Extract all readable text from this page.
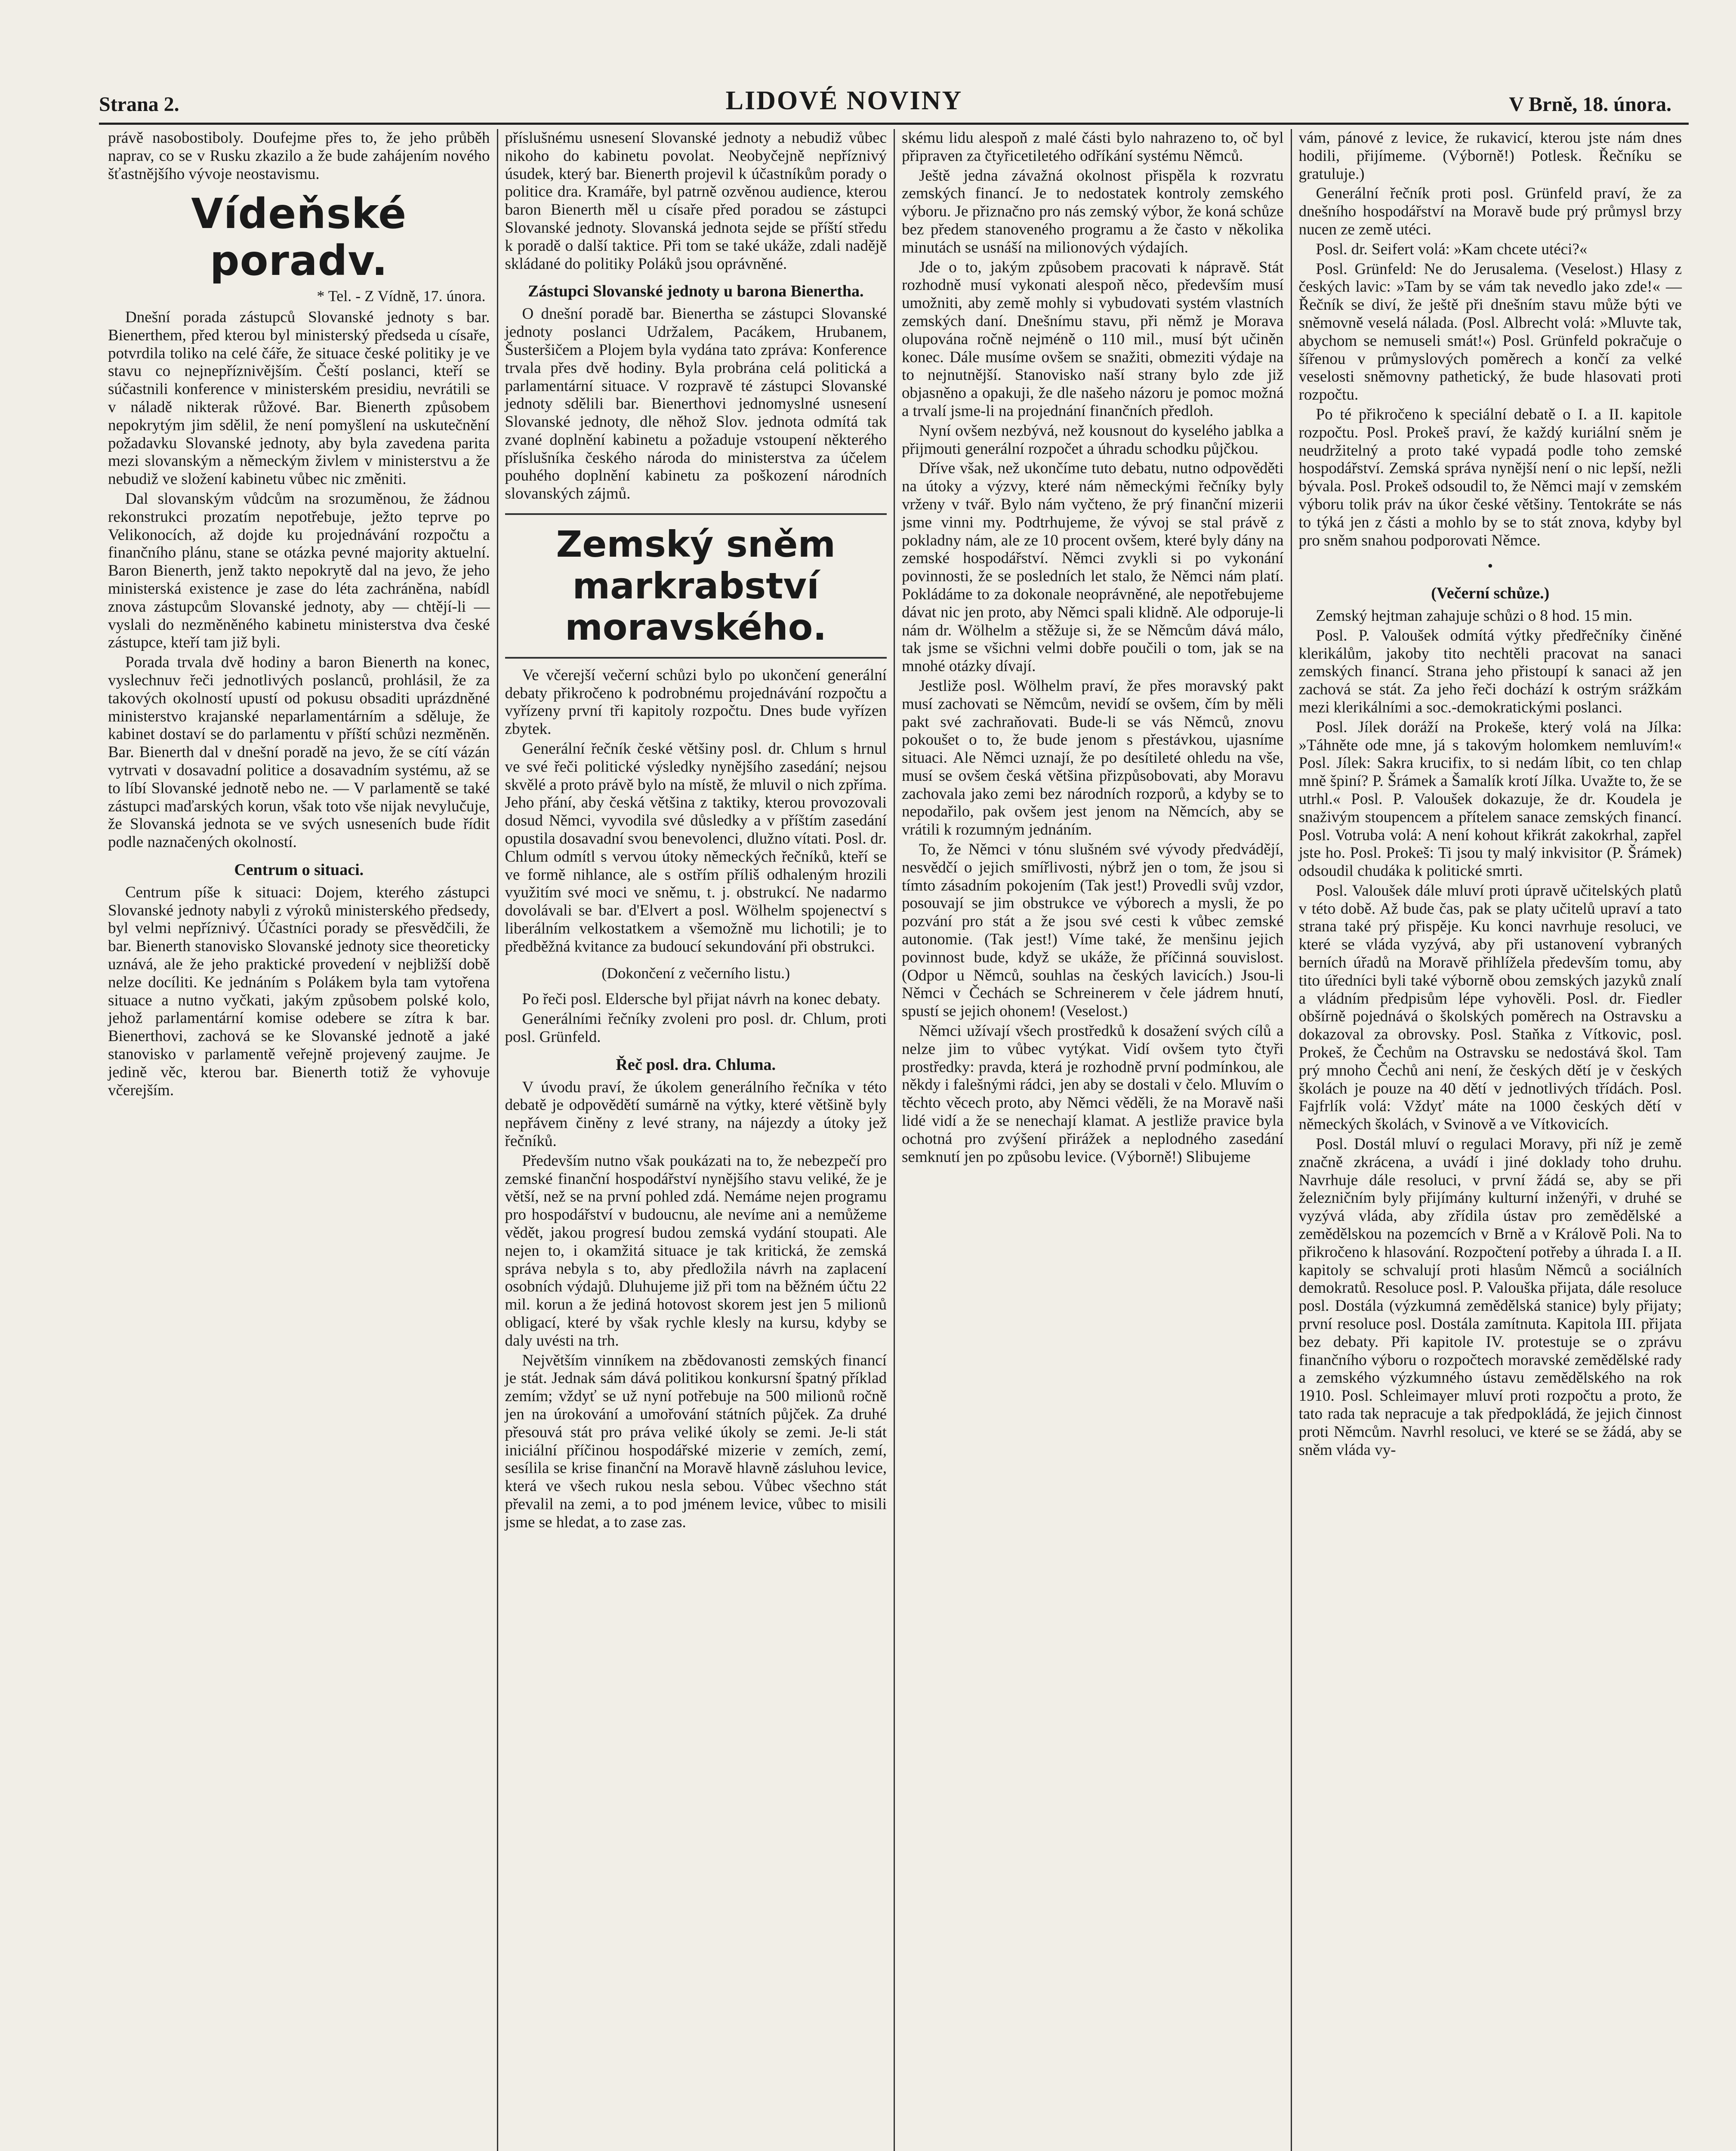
Strana 2.	LIDOVÉ NOVINY	V Brně, 18. února.

právě nasobostiboly. Doufejme přes to, že jeho průběh naprav, co se v Rusku zkazilo a že bude zahájením nového šťastnějšího vývoje neostavismu.

Vídeňské poradv.
* Tel. - Z Vídně, 17. února.

Dnešní porada zástupců Slovanské jednoty s bar. Bienerthem, před kterou byl ministerský předseda u císaře, potvrdila toliko na celé čáře, že situace české politiky je ve stavu co nejnepříznivějším. Čeští poslanci, kteří se súčastnili konference v ministerském presidiu, nevrátili se v náladě nikterak růžové. Bar. Bienerth způsobem nepokrytým jim sdělil, že není pomyšlení na uskutečnění požadavku Slovanské jednoty, aby byla zavedena parita mezi slovanským a německým živlem v ministerstvu a že nebudiž ve složení kabinetu vůbec nic změniti.

Dal slovanským vůdcům na srozuměnou, že žádnou rekonstrukci prozatím nepotřebuje, ježto teprve po Velikonocích, až dojde ku projednávání rozpočtu a finančního plánu, stane se otázka pevné majority aktuelní. Baron Bienerth, jenž takto nepokrytě dal na jevo, že jeho ministerská existence je zase do léta zachráněna, nabídl znova zástupcům Slovanské jednoty, aby — chtějí-li — vyslali do nezměněného kabinetu ministerstva dva české zástupce, kteří tam již byli.

Porada trvala dvě hodiny a baron Bienerth na konec, vyslechnuv řeči jednotlivých poslanců, prohlásil, že za takových okolností upustí od pokusu obsaditi uprázdněné ministerstvo krajanské neparlamentárním a sděluje, že kabinet dostaví se do parlamentu v příští schůzi nezměněn. Bar. Bienerth dal v dnešní poradě na jevo, že se cítí vázán vytrvati v dosavadní politice a dosavadním systému, až se to líbí Slovanské jednotě nebo ne. — V parlamentě se také zástupci maďarských korun, však toto vše nijak nevylučuje, že Slovanská jednota se ve svých usneseních bude řídit podle naznačených okolností.

Centrum o situaci.

Centrum píše k situaci: Dojem, kterého zástupci Slovanské jednoty nabyli z výroků ministerského předsedy, byl velmi nepříznivý. Účastníci porady se přesvědčili, že bar. Bienerth stanovisko Slovanské jednoty sice theoreticky uznává, ale že jeho praktické provedení v nejbližší době nelze docíliti. Ke jednáním s Polákem byla tam vytořena situace a nutno vyčkati, jakým způsobem polské kolo, jehož parlamentární komise odebere se zítra k bar. Bienerthovi, zachová se ke Slovanské jednotě a jaké stanovisko v parlamentě veřejně projevený zaujme. Je jedině věc, kterou bar. Bienerth totiž že vyhovuje včerejším.

příslušnému usnesení Slovanské jednoty a nebudiž vůbec nikoho do kabinetu povolat. Neobyčejně nepříznivý úsudek, který bar. Bienerth projevil k účastníkům porady o politice dra. Kramáře, byl patrně ozvěnou audience, kterou baron Bienerth měl u císaře před poradou se zástupci Slovanské jednoty. Slovanská jednota sejde se příští středu k poradě o další taktice. Při tom se také ukáže, zdali nadějě skládané do politiky Poláků jsou oprávněné.

Zástupci Slovanské jednoty u barona Bienertha.

O dnešní poradě bar. Bienertha se zástupci Slovanské jednoty poslanci Udržalem, Pacákem, Hrubanem, Šusteršičem a Plojem byla vydána tato zpráva: Konference trvala přes dvě hodiny. Byla probrána celá politická a parlamentární situace. V rozpravě té zástupci Slovanské jednoty sdělili bar. Bienerthovi jednomyslné usnesení Slovanské jednoty, dle něhož Slov. jednota odmítá tak zvané doplnění kabinetu a požaduje vstoupení některého příslušníka českého národa do ministerstva za účelem pouhého doplnění kabinetu za poškození národních slovanských zájmů.

Zemský sněm markrabství moravského.

Ve včerejší večerní schůzi bylo po ukončení generální debaty přikročeno k podrobnému projednávání rozpočtu a vyřízeny první tři kapitoly rozpočtu. Dnes bude vyřízen zbytek.

Generální řečník české většiny posl. dr. Chlum s hrnul ve své řeči politické výsledky nynějšího zasedání; nejsou skvělé a proto právě bylo na místě, že mluvil o nich zpříma. Jeho přání, aby česká většina z taktiky, kterou provozovali dosud Němci, vyvodila své důsledky a v příštím zasedání opustila dosavadní svou benevolenci, dlužno vítati. Posl. dr. Chlum odmítl s vervou útoky německých řečníků, kteří se ve formě nihlance, ale s ostřím příliš odhaleným hrozili využitím své moci ve sněmu, t. j. obstrukcí. Ne nadarmo dovolávali se bar. d'Elvert a posl. Wölhelm spojenectví s liberálním velkostatkem a všemožně mu lichotili; je to předběžná kvitance za budoucí sekundování při obstrukci.

(Dokončení z večerního listu.)

Po řeči posl. Eldersche byl přijat návrh na konec debaty.

Generálními řečníky zvoleni pro posl. dr. Chlum, proti posl. Grünfeld.

Řeč posl. dra. Chluma.

V úvodu praví, že úkolem generálního řečníka v této debatě je odpovědětí sumárně na výtky, které většině byly nepřávem činěny z levé strany, na nájezdy a útoky jež řečníků.

Především nutno však poukázati na to, že nebezpečí pro zemské finanční hospodářství nynějšího stavu veliké, že je větší, než se na první pohled zdá. Nemáme nejen programu pro hospodářství v budoucnu, ale nevíme ani a nemůžeme vědět, jakou progresí budou zemská vydání stoupati. Ale nejen to, i okamžitá situace je tak kritická, že zemská správa nebyla s to, aby předložila návrh na zaplacení osobních výdajů. Dluhujeme již při tom na běžném účtu 22 mil. korun a že jediná hotovost skorem jest jen 5 milionů obligací, které by však rychle klesly na kursu, kdyby se daly uvésti na trh.

Největším vinníkem na zbědovanosti zemských financí je stát. Jednak sám dává politikou konkursní špatný příklad zemím; vždyť se už nyní potřebuje na 500 milionů ročně jen na úrokování a umořování státních půjček. Za druhé přesouvá stát pro práva veliké úkoly se zemi. Je-li stát iniciální příčinou hospodářské mizerie v zemích, zemí, sesílila se krise finanční na Moravě hlavně zásluhou levice, která ve všech rukou nesla sebou. Vůbec všechno stát převalil na zemi, a to pod jménem levice, vůbec to misili jsme se hledat, a to zase zas.

skému lidu alespoň z malé části bylo nahrazeno to, oč byl připraven za čtyřicetiletého odříkání systému Němců.

Ještě jedna závažná okolnost přispěla k rozvratu zemských financí. Je to nedostatek kontroly zemského výboru. Je přiznačno pro nás zemský výbor, že koná schůze bez předem stanoveného programu a že často v několika minutách se usnáší na milionových výdajích.

Jde o to, jakým způsobem pracovati k nápravě. Stát rozhodně musí vykonati alespoň něco, především musí umožniti, aby země mohly si vybudovati systém vlastních zemských daní. Dnešnímu stavu, při němž je Morava olupována ročně nejméně o 110 mil., musí být učiněn konec. Dále musíme ovšem se snažiti, obmeziti výdaje na to nejnutnější. Stanovisko naší strany bylo zde již objasněno a opakuji, že dle našeho názoru je pomoc možná a trvalí jsme-li na projednání finančních předloh.

Nyní ovšem nezbývá, než kousnout do kyselého jablka a přijmouti generální rozpočet a úhradu schodku půjčkou.

Dříve však, než ukončíme tuto debatu, nutno odpověděti na útoky a výzvy, které nám německými řečníky byly vrženy v tvář. Bylo nám vyčteno, že prý finanční mizerii jsme vinni my. Podtrhujeme, že vývoj se stal právě z pokladny nám, ale ze 10 procent ovšem, které byly dány na zemské hospodářství. Němci zvykli si po vykonání povinnosti, že se posledních let stalo, že Němci nám platí. Pokládáme to za dokonale neoprávněné, ale nepotřebujeme dávat nic jen proto, aby Němci spali klidně. Ale odporuje-li nám dr. Wölhelm a stěžuje si, že se Němcům dává málo, tak jsme se všichni velmi dobře poučili o tom, jak se na mnohé otázky dívají.

Jestliže posl. Wölhelm praví, že přes moravský pakt musí zachovati se Němcům, nevidí se ovšem, čím by měli pakt své zachraňovati. Bude-li se vás Němců, znovu pokoušet o to, že bude jenom s přestávkou, ujasníme situaci. Ale Němci uznají, že po desítileté ohledu na vše, musí se ovšem česká většina přizpůsobovati, aby Moravu zachovala jako zemi bez národních rozporů, a kdyby se to nepodařilo, pak ovšem jest jenom na Němcích, aby se vrátili k rozumným jednáním.

To, že Němci v tónu slušném své vývody předvádějí, nesvědčí o jejich smířlivosti, nýbrž jen o tom, že jsou si tímto zásadním pokojením (Tak jest!) Provedli svůj vzdor, posouvají se jim obstrukce ve výborech a mysli, že po pozvání pro stát a že jsou své cesti k vůbec zemské autonomie. (Tak jest!) Víme také, že menšinu jejich povinnost bude, když se ukáže, že příčinná souvislost. (Odpor u Němců, souhlas na českých lavicích.) Jsou-li Němci v Čechách se Schreinerem v čele jádrem hnutí, spustí se jejich ohonem! (Veselost.)

Němci užívají všech prostředků k dosažení svých cílů a nelze jim to vůbec vytýkat. Vidí ovšem tyto čtyři prostředky: pravda, která je rozhodně první podmínkou, ale někdy i falešnými rádci, jen aby se dostali v čelo. Mluvím o těchto věcech proto, aby Němci věděli, že na Moravě naši lidé vidí a že se nenechají klamat. A jestliže pravice byla ochotná pro zvýšení přirážek a neplodného zasedání semknutí jen po způsobu levice. (Výborně!) Slibujeme

vám, pánové z levice, že rukavicí, kterou jste nám dnes hodili, přijímeme. (Výborně!) Potlesk. Řečníku se gratuluje.)

Generální řečník proti posl. Grünfeld praví, že za dnešního hospodářství na Moravě bude prý průmysl brzy nucen ze země utéci.

Posl. dr. Seifert volá: »Kam chcete utéci?«

Posl. Grünfeld: Ne do Jerusalema. (Veselost.) Hlasy z českých lavic: »Tam by se vám tak nevedlo jako zde!« — Řečník se diví, že ještě při dnešním stavu může býti ve sněmovně veselá nálada. (Posl. Albrecht volá: »Mluvte tak, abychom se nemuseli smát!«) Posl. Grünfeld pokračuje o šířenou v průmyslových poměrech a končí za velké veselosti sněmovny pathetický, že bude hlasovati proti rozpočtu.

Po té přikročeno k speciální debatě o I. a II. kapitole rozpočtu. Posl. Prokeš praví, že každý kuriální sněm je neudržitelný a proto také vypadá podle toho zemské hospodářství. Zemská správa nynější není o nic lepší, nežli bývala. Posl. Prokeš odsoudil to, že Němci mají v zemském výboru tolik práv na úkor české většiny. Tentokráte se nás to týká jen z části a mohlo by se to stát znova, kdyby byl pro sněm snahou podporovati Němce.

•
(Večerní schůze.)

Zemský hejtman zahajuje schůzi o 8 hod. 15 min.

Posl. P. Valoušek odmítá výtky předřečníky činěné klerikálům, jakoby tito nechtěli pracovat na sanaci zemských financí. Strana jeho přistoupí k sanaci až jen zachová se stát. Za jeho řeči dochází k ostrým srážkám mezi klerikálními a soc.-demokratickými poslanci.

Posl. Jílek doráží na Prokeše, který volá na Jílka: »Táhněte ode mne, já s takovým holomkem nemluvím!« Posl. Jílek: Sakra krucifix, to si nedám líbit, co ten chlap mně špiní? P. Šrámek a Šamalík krotí Jílka. Uvažte to, že se utrhl.« Posl. P. Valoušek dokazuje, že dr. Koudela je snaživým stoupencem a přítelem sanace zemských financí. Posl. Votruba volá: A není kohout křikrát zakokrhal, zapřel jste ho. Posl. Prokeš: Ti jsou ty malý inkvisitor (P. Šrámek) odsoudil chudáka k politické smrti.

Posl. Valoušek dále mluví proti úpravě učitelských platů v této době. Až bude čas, pak se platy učitelů upraví a tato strana také prý přispěje. Ku konci navrhuje resoluci, ve které se vláda vyzývá, aby při ustanovení vybraných berních úřadů na Moravě přihlížela především tomu, aby tito úředníci byli také výborně obou zemských jazyků znalí a vládním předpisům lépe vyhověli. Posl. dr. Fiedler obšírně pojednává o školských poměrech na Ostravsku a dokazoval za obrovsky. Posl. Staňka z Vítkovic, posl. Prokeš, že Čechům na Ostravsku se nedostává škol. Tam prý mnoho Čechů ani není, že českých dětí je v českých školách je pouze na 40 dětí v jednotlivých třídách. Posl. Fajfrlík volá: Vždyť máte na 1000 českých dětí v německých školách, v Svinově a ve Vítkovicích.

Posl. Dostál mluví o regulaci Moravy, při níž je země značně zkrácena, a uvádí i jiné doklady toho druhu. Navrhuje dále resoluci, v první žádá se, aby se při železničním byly přijímány kulturní inženýři, v druhé se vyzývá vláda, aby zřídila ústav pro zemědělské a zemědělskou na pozemcích v Brně a v Králově Poli. Na to přikročeno k hlasování. Rozpočtení potřeby a úhrada I. a II. kapitoly se schvalují proti hlasům Němců a sociálních demokratů. Resoluce posl. P. Valouška přijata, dále resoluce posl. Dostála (výzkumná zemědělská stanice) byly přijaty; první resoluce posl. Dostála zamítnuta. Kapitola III. přijata bez debaty. Při kapitole IV. protestuje se o zprávu finančního výboru o rozpočtech moravské zemědělské rady a zemského výzkumného ústavu zemědělského na rok 1910. Posl. Schleimayer mluví proti rozpočtu a proto, že tato rada tak nepracuje a tak předpokládá, že jejich činnost proti Němcům. Navrhl resoluci, ve které se se žádá, aby se sněm vláda vy-
